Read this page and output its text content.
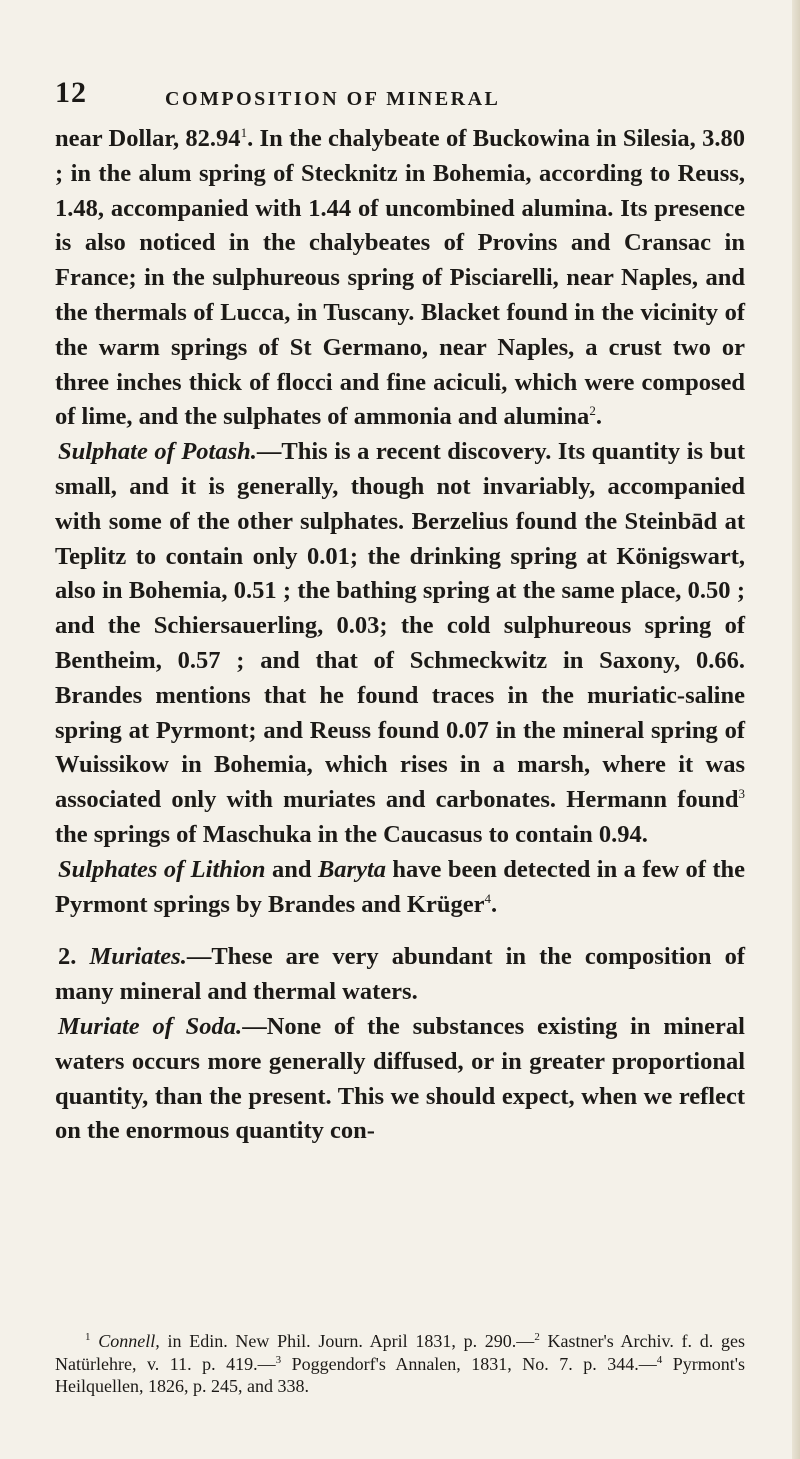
12	COMPOSITION OF MINERAL

near Dollar, 82.94$^1$. In the chalybeate of Buckowina in Silesia, 3.80 ; in the alum spring of Stecknitz in Bohemia, according to Reuss, 1.48, accompanied with 1.44 of uncombined alumina. Its presence is also noticed in the chalybeates of Provins and Cransac in France; in the sulphureous spring of Pisciarelli, near Naples, and the thermals of Lucca, in Tuscany. Blacket found in the vicinity of the warm springs of St Germano, near Naples, a crust two or three inches thick of flocci and fine aciculi, which were composed of lime, and the sulphates of ammonia and alumina$^2$.

Sulphate of Potash.—This is a recent discovery. Its quantity is but small, and it is generally, though not invariably, accompanied with some of the other sulphates. Berzelius found the Steinbād at Teplitz to contain only 0.01; the drinking spring at Königswart, also in Bohemia, 0.51 ; the bathing spring at the same place, 0.50 ; and the Schiersauerling, 0.03; the cold sulphureous spring of Bentheim, 0.57 ; and that of Schmeckwitz in Saxony, 0.66. Brandes mentions that he found traces in the muriatic-saline spring at Pyrmont; and Reuss found 0.07 in the mineral spring of Wuissikow in Bohemia, which rises in a marsh, where it was associated only with muriates and carbonates. Hermann found$^3$ the springs of Maschuka in the Caucasus to contain 0.94.

Sulphates of Lithion and Baryta have been detected in a few of the Pyrmont springs by Brandes and Krüger$^4$.

2. Muriates.—These are very abundant in the composition of many mineral and thermal waters.

Muriate of Soda.—None of the substances existing in mineral waters occurs more generally diffused, or in greater proportional quantity, than the present. This we should expect, when we reflect on the enormous quantity con-

$^1$ Connell, in Edin. New Phil. Journ. April 1831, p. 290.—$^2$ Kastner's Archiv. f. d. ges Natürlehre, v. 11. p. 419.—$^3$ Poggendorf's Annalen, 1831, No. 7. p. 344.—$^4$ Pyrmont's Heilquellen, 1826, p. 245, and 338.
